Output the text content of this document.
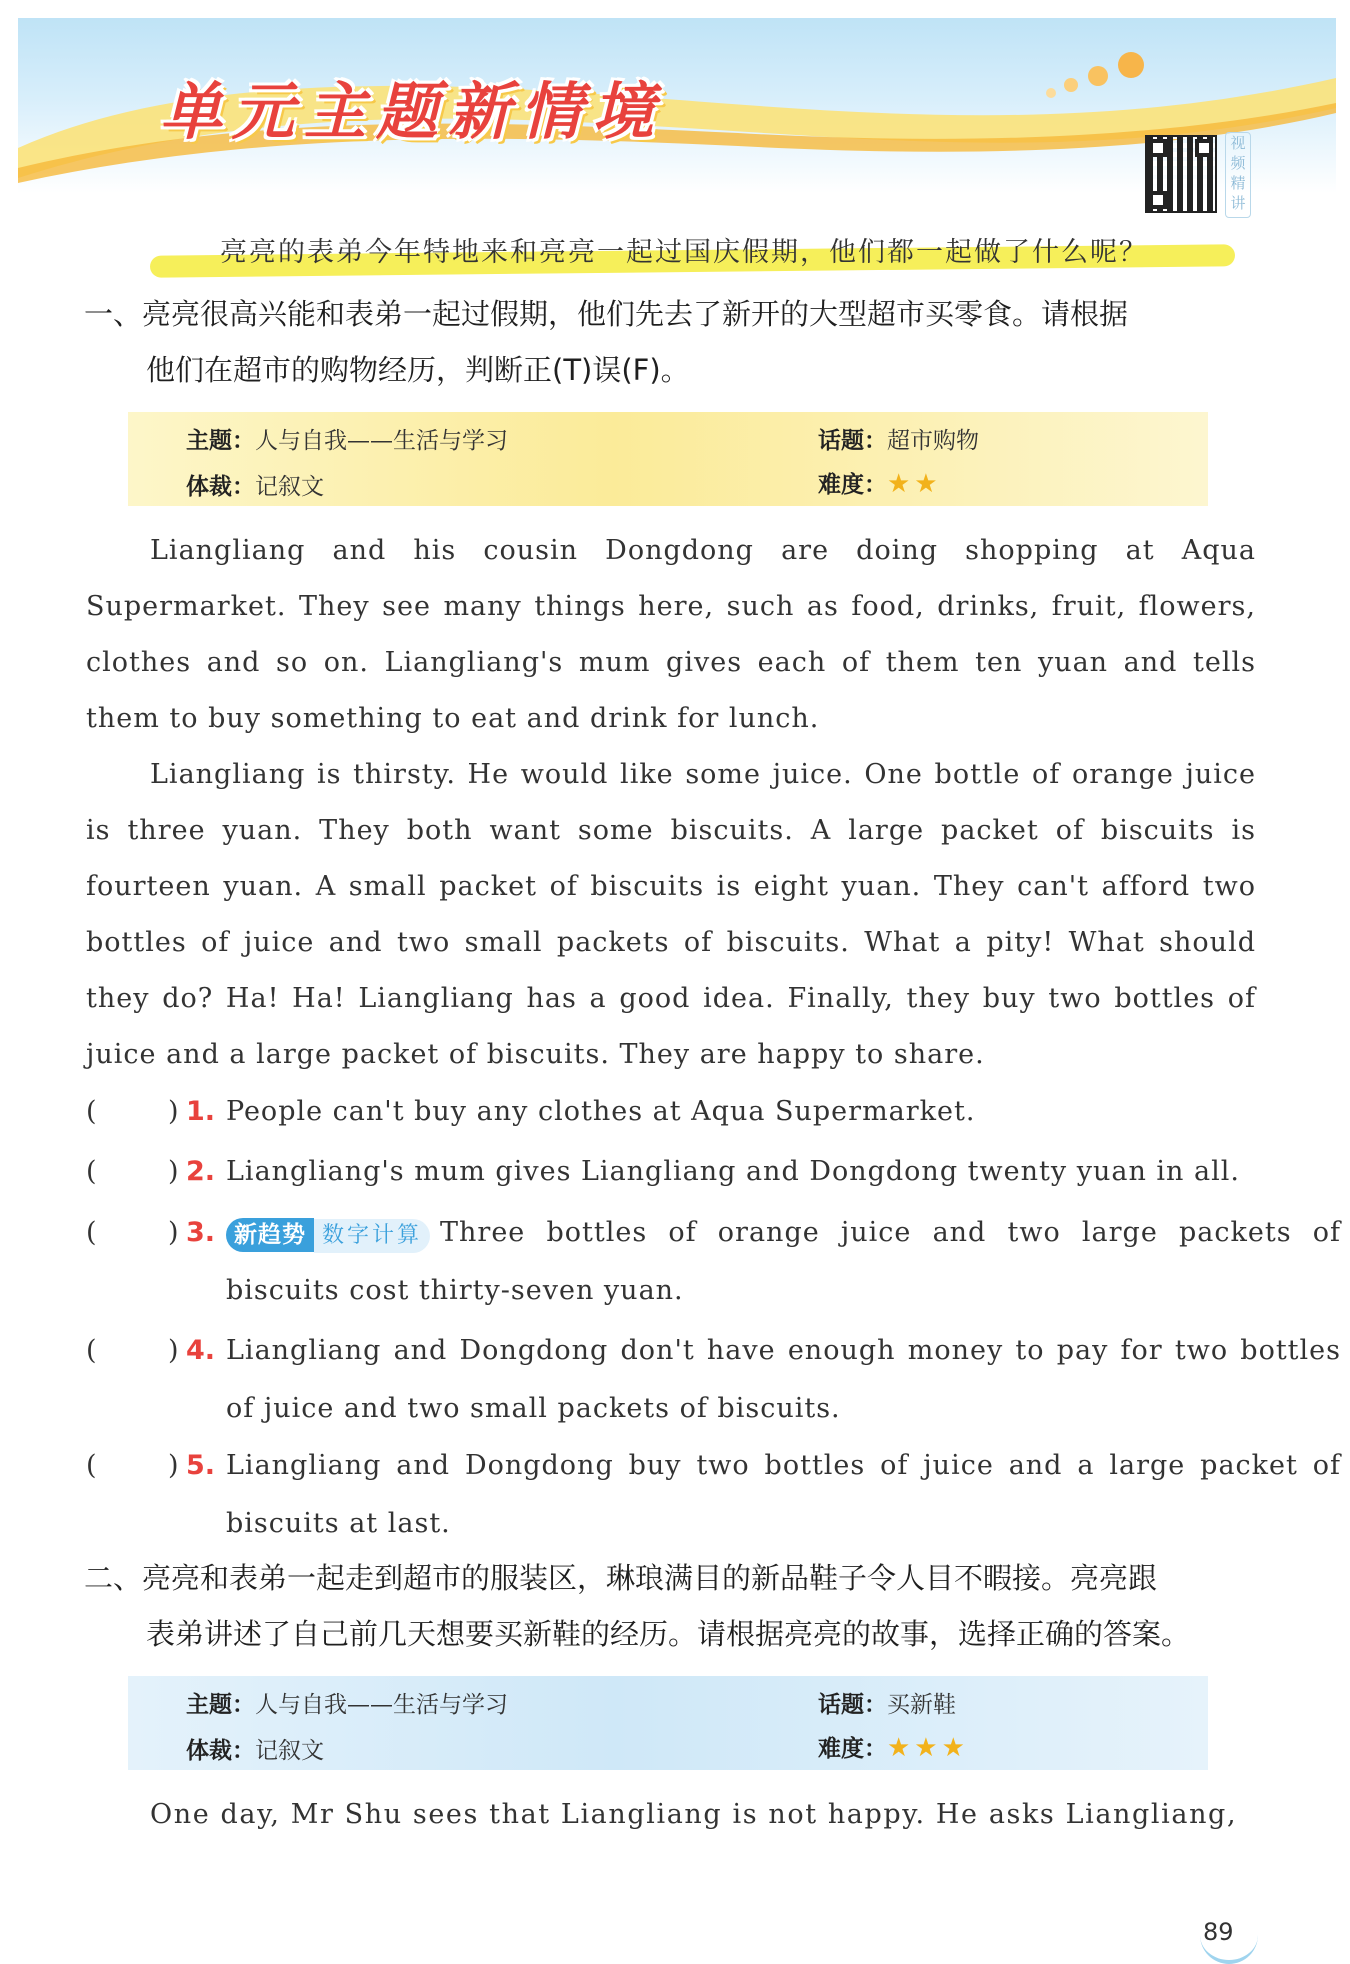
单元主题新情境	视频精讲
亮亮的表弟今年特地来和亮亮一起过国庆假期，他们都一起做了什么呢？
一、亮亮很高兴能和表弟一起过假期，他们先去了新开的大型超市买零食。请根据
他们在超市的购物经历，判断正(T)误(F)。
主题：人与自我——生活与学习	话题：超市购物
体裁：记叙文	难度：★★

Liangliang and his cousin Dongdong are doing shopping at Aqua Supermarket. They see many things here, such as food, drinks, fruit, flowers, clothes and so on. Liangliang's mum gives each of them ten yuan and tells them to buy something to eat and drink for lunch.

Liangliang is thirsty. He would like some juice. One bottle of orange juice is three yuan. They both want some biscuits. A large packet of biscuits is fourteen yuan. A small packet of biscuits is eight yuan. They can't afford two bottles of juice and two small packets of biscuits. What a pity! What should they do? Ha! Ha! Liangliang has a good idea. Finally, they buy two bottles of juice and a large packet of biscuits. They are happy to share.

(	) 1. People can't buy any clothes at Aqua Supermarket.
(	) 2. Liangliang's mum gives Liangliang and Dongdong twenty yuan in all.
(	) 3. 新趋势 数字计算 Three bottles of orange juice and two large packets of biscuits cost thirty-seven yuan.
(	) 4. Liangliang and Dongdong don't have enough money to pay for two bottles of juice and two small packets of biscuits.
(	) 5. Liangliang and Dongdong buy two bottles of juice and a large packet of biscuits at last.
二、亮亮和表弟一起走到超市的服装区，琳琅满目的新品鞋子令人目不暇接。亮亮跟
表弟讲述了自己前几天想要买新鞋的经历。请根据亮亮的故事，选择正确的答案。
主题：人与自我——生活与学习	话题：买新鞋
体裁：记叙文	难度：★★★

One day, Mr Shu sees that Liangliang is not happy. He asks Liangliang,

89
